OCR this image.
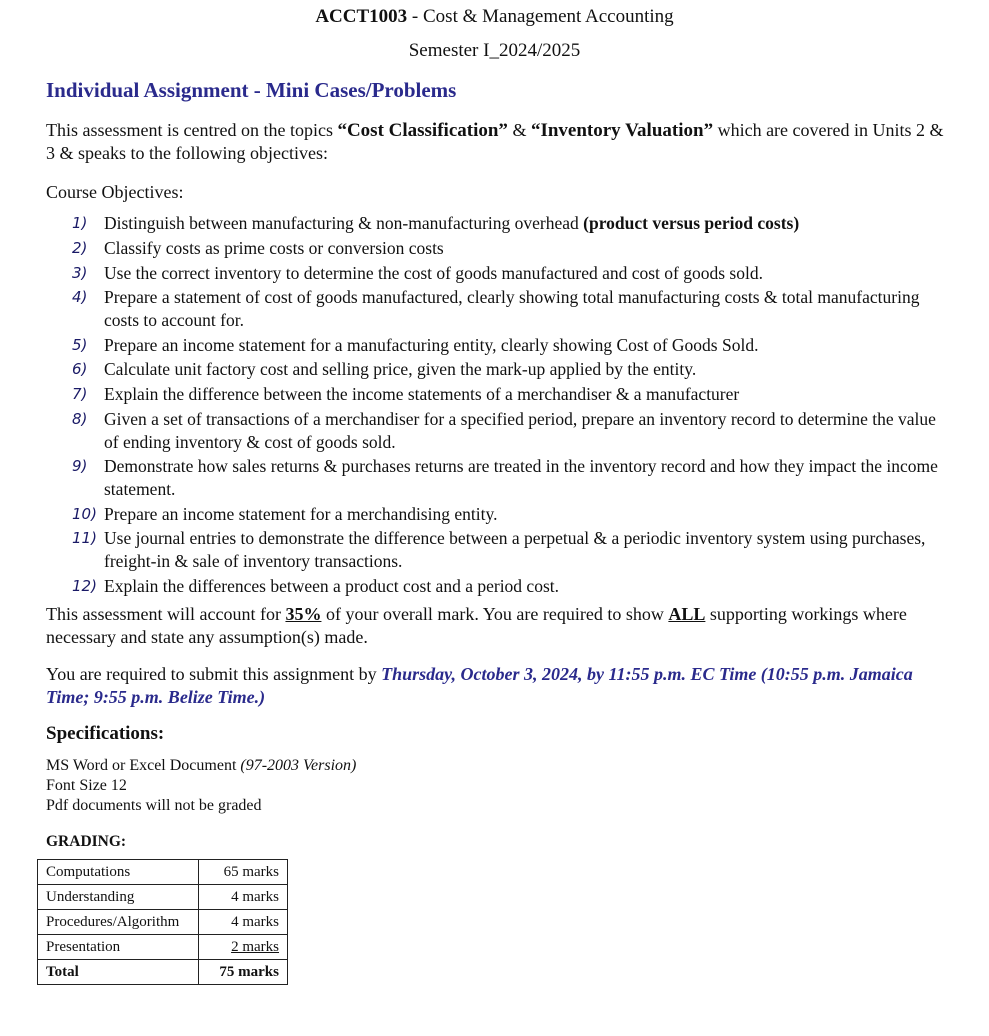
ACCT1003 - Cost & Management Accounting
Semester I_2024/2025
Individual Assignment - Mini Cases/Problems
This assessment is centred on the topics “Cost Classification” & “Inventory Valuation” which are covered in Units 2 & 3 & speaks to the following objectives:
Course Objectives:
1) Distinguish between manufacturing & non-manufacturing overhead (product versus period costs)
2) Classify costs as prime costs or conversion costs
3) Use the correct inventory to determine the cost of goods manufactured and cost of goods sold.
4) Prepare a statement of cost of goods manufactured, clearly showing total manufacturing costs & total manufacturing costs to account for.
5) Prepare an income statement for a manufacturing entity, clearly showing Cost of Goods Sold.
6) Calculate unit factory cost and selling price, given the mark-up applied by the entity.
7) Explain the difference between the income statements of a merchandiser & a manufacturer
8) Given a set of transactions of a merchandiser for a specified period, prepare an inventory record to determine the value of ending inventory & cost of goods sold.
9) Demonstrate how sales returns & purchases returns are treated in the inventory record and how they impact the income statement.
10) Prepare an income statement for a merchandising entity.
11) Use journal entries to demonstrate the difference between a perpetual & a periodic inventory system using purchases, freight-in & sale of inventory transactions.
12) Explain the differences between a product cost and a period cost.
This assessment will account for 35% of your overall mark. You are required to show ALL supporting workings where necessary and state any assumption(s) made.
You are required to submit this assignment by Thursday, October 3, 2024, by 11:55 p.m. EC Time (10:55 p.m. Jamaica Time; 9:55 p.m. Belize Time.)
Specifications:
MS Word or Excel Document (97-2003 Version)
Font Size 12
Pdf documents will not be graded
GRADING:
Computations	65 marks
Understanding	4 marks
Procedures/Algorithm	4 marks
Presentation	2 marks
Total	75 marks
